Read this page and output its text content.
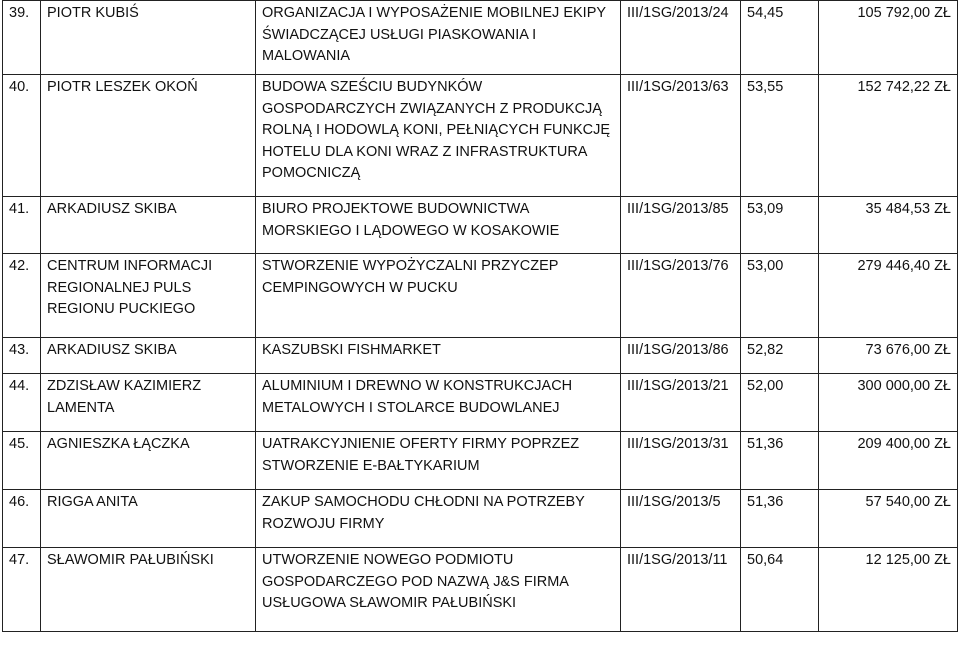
39.	PIOTR KUBIŚ	ORGANIZACJA I WYPOSAŻENIE MOBILNEJ EKIPY ŚWIADCZĄCEJ USŁUGI PIASKOWANIA I MALOWANIA	III/1SG/2013/24	54,45	105 792,00 ZŁ
40.	PIOTR LESZEK OKOŃ	BUDOWA SZEŚCIU BUDYNKÓW GOSPODARCZYCH ZWIĄZANYCH Z PRODUKCJĄ ROLNĄ I HODOWLĄ KONI, PEŁNIĄCYCH FUNKCJĘ HOTELU DLA KONI WRAZ Z INFRASTRUKTURA POMOCNICZĄ	III/1SG/2013/63	53,55	152 742,22 ZŁ
41.	ARKADIUSZ SKIBA	BIURO PROJEKTOWE BUDOWNICTWA MORSKIEGO I LĄDOWEGO W KOSAKOWIE	III/1SG/2013/85	53,09	35 484,53 ZŁ
42.	CENTRUM INFORMACJI REGIONALNEJ PULS REGIONU PUCKIEGO	STWORZENIE WYPOŻYCZALNI PRZYCZEP CEMPINGOWYCH W PUCKU	III/1SG/2013/76	53,00	279 446,40 ZŁ
43.	ARKADIUSZ SKIBA	KASZUBSKI FISHMARKET	III/1SG/2013/86	52,82	73 676,00 ZŁ
44.	ZDZISŁAW KAZIMIERZ LAMENTA	ALUMINIUM I DREWNO W KONSTRUKCJACH METALOWYCH I STOLARCE BUDOWLANEJ	III/1SG/2013/21	52,00	300 000,00 ZŁ
45.	AGNIESZKA ŁĄCZKA	UATRAKCYJNIENIE OFERTY FIRMY POPRZEZ STWORZENIE E-BAŁTYKARIUM	III/1SG/2013/31	51,36	209 400,00 ZŁ
46.	RIGGA ANITA	ZAKUP SAMOCHODU CHŁODNI NA POTRZEBY ROZWOJU FIRMY	III/1SG/2013/5	51,36	57 540,00 ZŁ
47.	SŁAWOMIR PAŁUBIŃSKI	UTWORZENIE NOWEGO PODMIOTU GOSPODARCZEGO POD NAZWĄ J&S FIRMA USŁUGOWA SŁAWOMIR PAŁUBIŃSKI	III/1SG/2013/11	50,64	12 125,00 ZŁ
